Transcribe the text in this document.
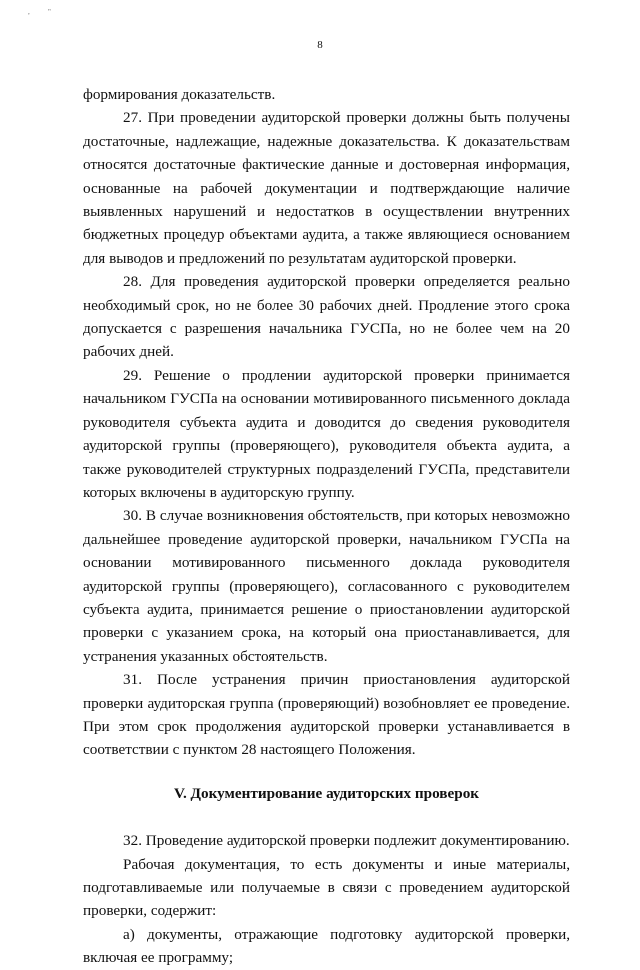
,	"
8

формирования доказательств.

27. При проведении аудиторской проверки должны быть получены достаточные, надлежащие, надежные доказательства. К доказательствам относятся достаточные фактические данные и достоверная информация, основанные на рабочей документации и подтверждающие наличие выявленных нарушений и недостатков в осуществлении внутренних бюджетных процедур объектами аудита, а также являющиеся основанием для выводов и предложений по результатам аудиторской проверки.

28. Для проведения аудиторской проверки определяется реально необходимый срок, но не более 30 рабочих дней. Продление этого срока допускается с разрешения начальника ГУСПа, но не более чем на 20 рабочих дней.

29. Решение о продлении аудиторской проверки принимается начальником ГУСПа на основании мотивированного письменного доклада руководителя субъекта аудита и доводится до сведения руководителя аудиторской группы (проверяющего), руководителя объекта аудита, а также руководителей структурных подразделений ГУСПа, представители которых включены в аудиторскую группу.

30. В случае возникновения обстоятельств, при которых невозможно дальнейшее проведение аудиторской проверки, начальником ГУСПа на основании мотивированного письменного доклада руководителя аудиторской группы (проверяющего), согласованного с руководителем субъекта аудита, принимается решение о приостановлении аудиторской проверки с указанием срока, на который она приостанавливается, для устранения указанных обстоятельств.

31. После устранения причин приостановления аудиторской проверки аудиторская группа (проверяющий) возобновляет ее проведение. При этом срок продолжения аудиторской проверки устанавливается в соответствии с пунктом 28 настоящего Положения.

V. Документирование аудиторских проверок

32. Проведение аудиторской проверки подлежит документированию.

Рабочая документация, то есть документы и иные материалы, подготавливаемые или получаемые в связи с проведением аудиторской проверки, содержит:

а) документы, отражающие подготовку аудиторской проверки, включая ее программу;
